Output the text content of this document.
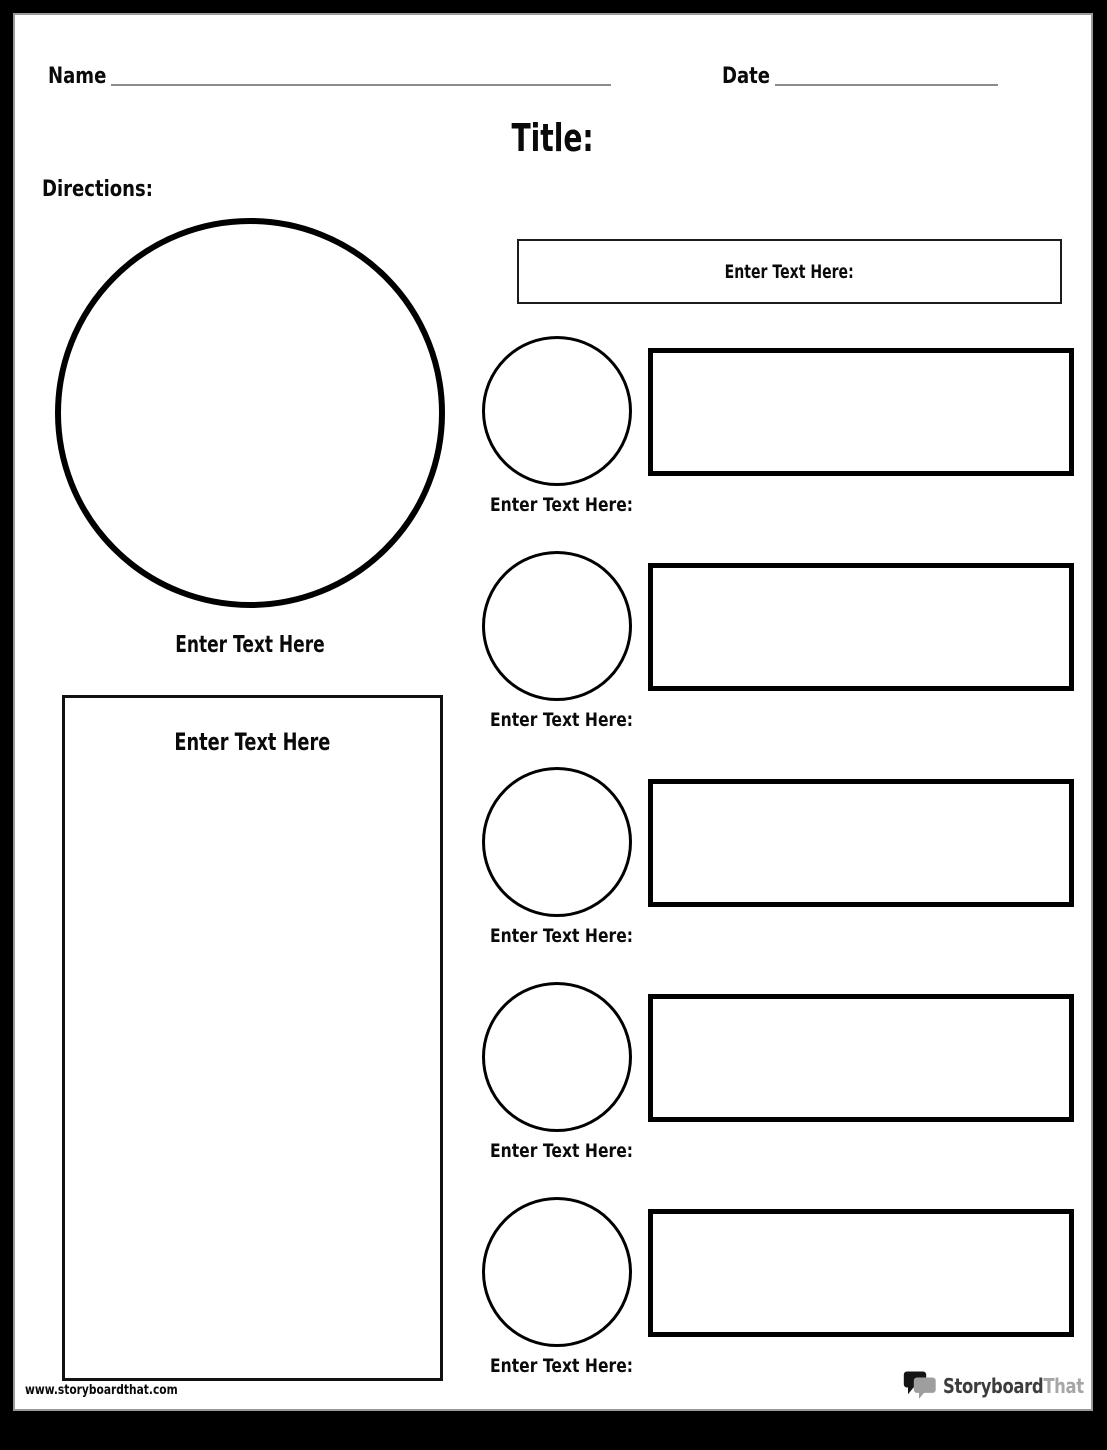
Name	Date
Title:
Directions:
Enter Text Here
Enter Text Here
Enter Text Here:
Enter Text Here:
Enter Text Here:
Enter Text Here:
Enter Text Here:
Enter Text Here:
www.storyboardthat.com	StoryboardThat
